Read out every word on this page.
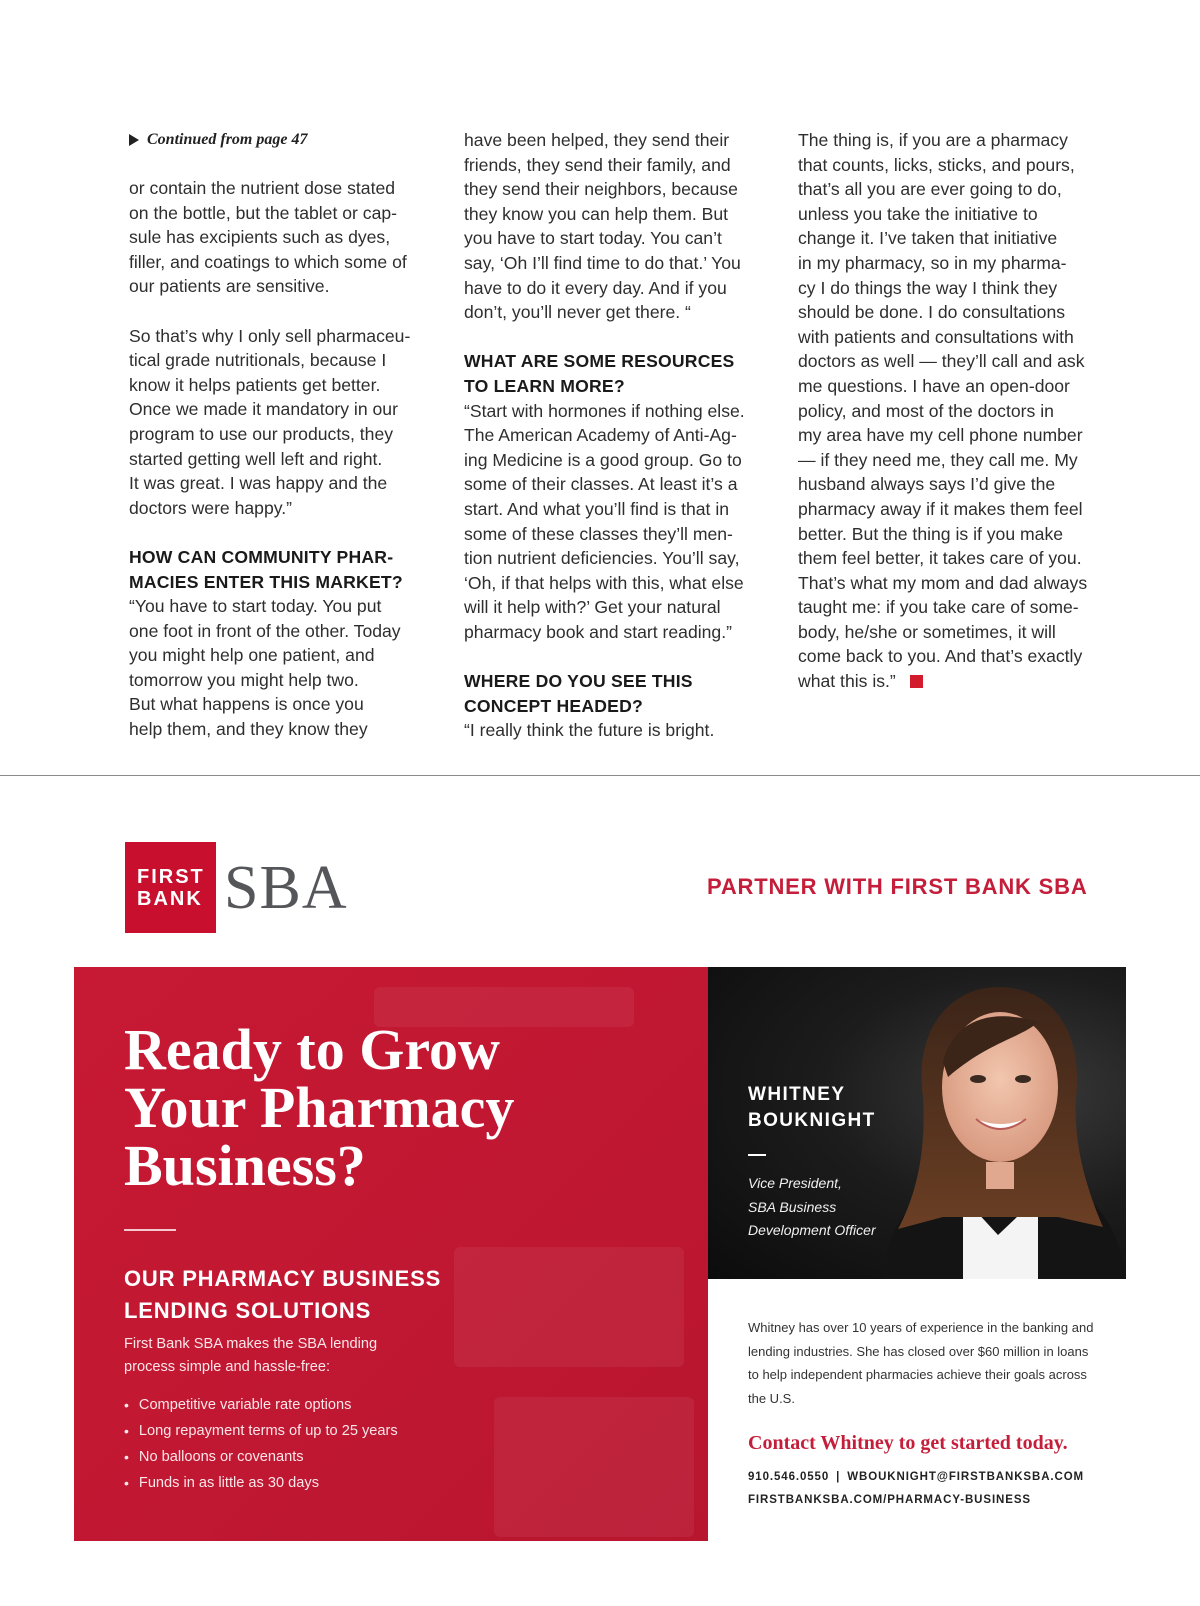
Continued from page 47

or contain the nutrient dose stated
on the bottle, but the tablet or cap-
sule has excipients such as dyes,
filler, and coatings to which some of
our patients are sensitive.

So that’s why I only sell pharmaceu-
tical grade nutritionals, because I
know it helps patients get better.
Once we made it mandatory in our
program to use our products, they
started getting well left and right.
It was great. I was happy and the
doctors were happy.”

HOW CAN COMMUNITY PHAR-
MACIES ENTER THIS MARKET?

“You have to start today. You put
one foot in front of the other. Today
you might help one patient, and
tomorrow you might help two.
But what happens is once you
help them, and they know they

have been helped, they send their
friends, they send their family, and
they send their neighbors, because
they know you can help them. But
you have to start today. You can’t
say, ‘Oh I’ll find time to do that.’ You
have to do it every day. And if you
don’t, you’ll never get there. “

WHAT ARE SOME RESOURCES
TO LEARN MORE?

“Start with hormones if nothing else.
The American Academy of Anti-Ag-
ing Medicine is a good group. Go to
some of their classes. At least it’s a
start. And what you’ll find is that in
some of these classes they’ll men-
tion nutrient deficiencies. You’ll say,
‘Oh, if that helps with this, what else
will it help with?’ Get your natural
pharmacy book and start reading.”

WHERE DO YOU SEE THIS
CONCEPT HEADED?

“I really think the future is bright.

The thing is, if you are a pharmacy
that counts, licks, sticks, and pours,
that’s all you are ever going to do,
unless you take the initiative to
change it. I’ve taken that initiative
in my pharmacy, so in my pharma-
cy I do things the way I think they
should be done. I do consultations
with patients and consultations with
doctors as well — they’ll call and ask
me questions. I have an open-door
policy, and most of the doctors in
my area have my cell phone number
— if they need me, they call me. My
husband always says I’d give the
pharmacy away if it makes them feel
better. But the thing is if you make
them feel better, it takes care of you.
That’s what my mom and dad always
taught me: if you take care of some-
body, he/she or sometimes, it will
come back to you. And that’s exactly
what this is.”

FIRST
BANK SBA	PARTNER WITH FIRST BANK SBA
Ready to Grow
Your Pharmacy
Business?
OUR PHARMACY BUSINESS
LENDING SOLUTIONS
First Bank SBA makes the SBA lending process simple and hassle-free:
• Competitive variable rate options
• Long repayment terms of up to 25 years
• No balloons or covenants
• Funds in as little as 30 days
WHITNEY
BOUKNIGHT
Vice President,
SBA Business
Development Officer
Whitney has over 10 years of experience in the banking and lending industries. She has closed over $60 million in loans to help independent pharmacies achieve their goals across the U.S.
Contact Whitney to get started today.
910.546.0550 | WBOUKNIGHT@FIRSTBANKSBA.COM
FIRSTBANKSBA.COM/PHARMACY-BUSINESS
